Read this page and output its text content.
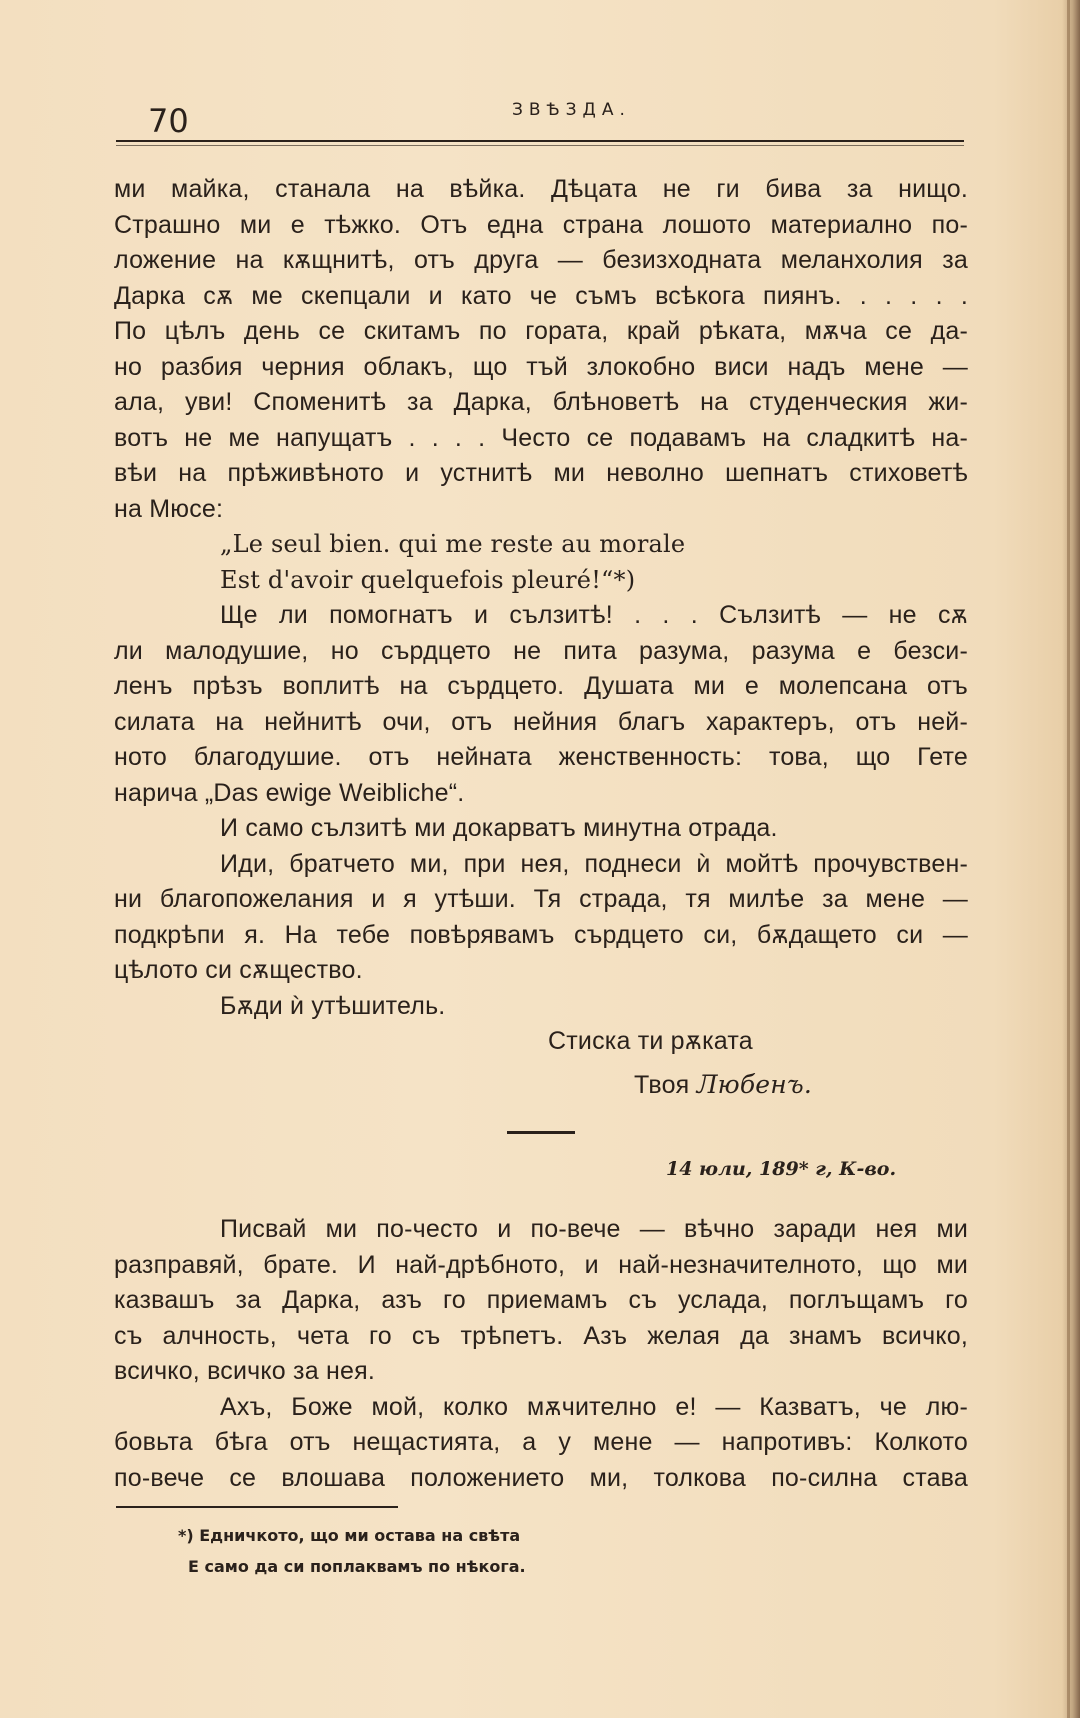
70	ЗВѢЗДА.
ми майка, станала на вѣйка. Дѣцата не ги бива за нищо.
Страшно ми е тѣжко. Отъ една страна лошото материално по-
ложение на кѫщнитѣ, отъ друга — безизходната меланхолия за
Дарка сѫ ме скепцали и като че съмъ всѣкога пиянъ. . . . . .
По цѣлъ день се скитамъ по гората, край рѣката, мѫча се да-
но разбия черния облакъ, що тъй злокобно виси надъ мене —
ала, уви! Споменитѣ за Дарка, блѣновeтѣ на студенческия жи-
вотъ не ме напущатъ . . . . Често се подавамъ на сладкитѣ на-
вѣи на прѣживѣното и устнитѣ ми неволно шепнатъ стиховетѣ
на Мюсе:
„Le seul bien. qui me reste au morale
Est d'avoir quelquefois pleuré!“*)
Ще ли помогнатъ и сълзитѣ! . . . Сълзитѣ — не сѫ
ли малодушие, но сърдцето не пита разума, разума е безси-
ленъ прѣзъ воплитѣ на сърдцето. Душата ми е молепсана отъ
силата на нейнитѣ очи, отъ нейния благъ характеръ, отъ ней-
ното благодушие. отъ нейната женственность: това, що Гете
нарича „Das ewige Weibliche“.
И само сълзитѣ ми докарватъ минутна отрада.
Иди, братчето ми, при нея, поднеси ѝ мойтѣ прочувствен-
ни благопожелания и я утѣши. Тя страда, тя милѣе за мене —
подкрѣпи я. На тебе повѣрявамъ сърдцето си, бѫдащето си —
цѣлото си сѫщество.
Бѫди ѝ утѣшитель.
Стиска ти рѫката
Твоя Любенъ.
14 юли, 189* г, К-во.
Писвай ми по-често и по-вече — вѣчно заради нея ми
разправяй, брате. И най-дрѣбното, и най-незначителното, що ми
казвашъ за Дарка, азъ го приемамъ съ услада, поглъщамъ го
съ алчность, чета го съ трѣпетъ. Азъ желая да знамъ всичко,
всичко, всичко за нея.
Ахъ, Боже мой, колко мѫчително е! — Казватъ, че лю-
бовьта бѣга отъ нещастията, а у мене — напротивъ: Колкото
по-вече се влошава положението ми, толкова по-силна става
*) Едничкото, що ми остава на свѣта
Е само да си поплаквамъ по нѣкога.
